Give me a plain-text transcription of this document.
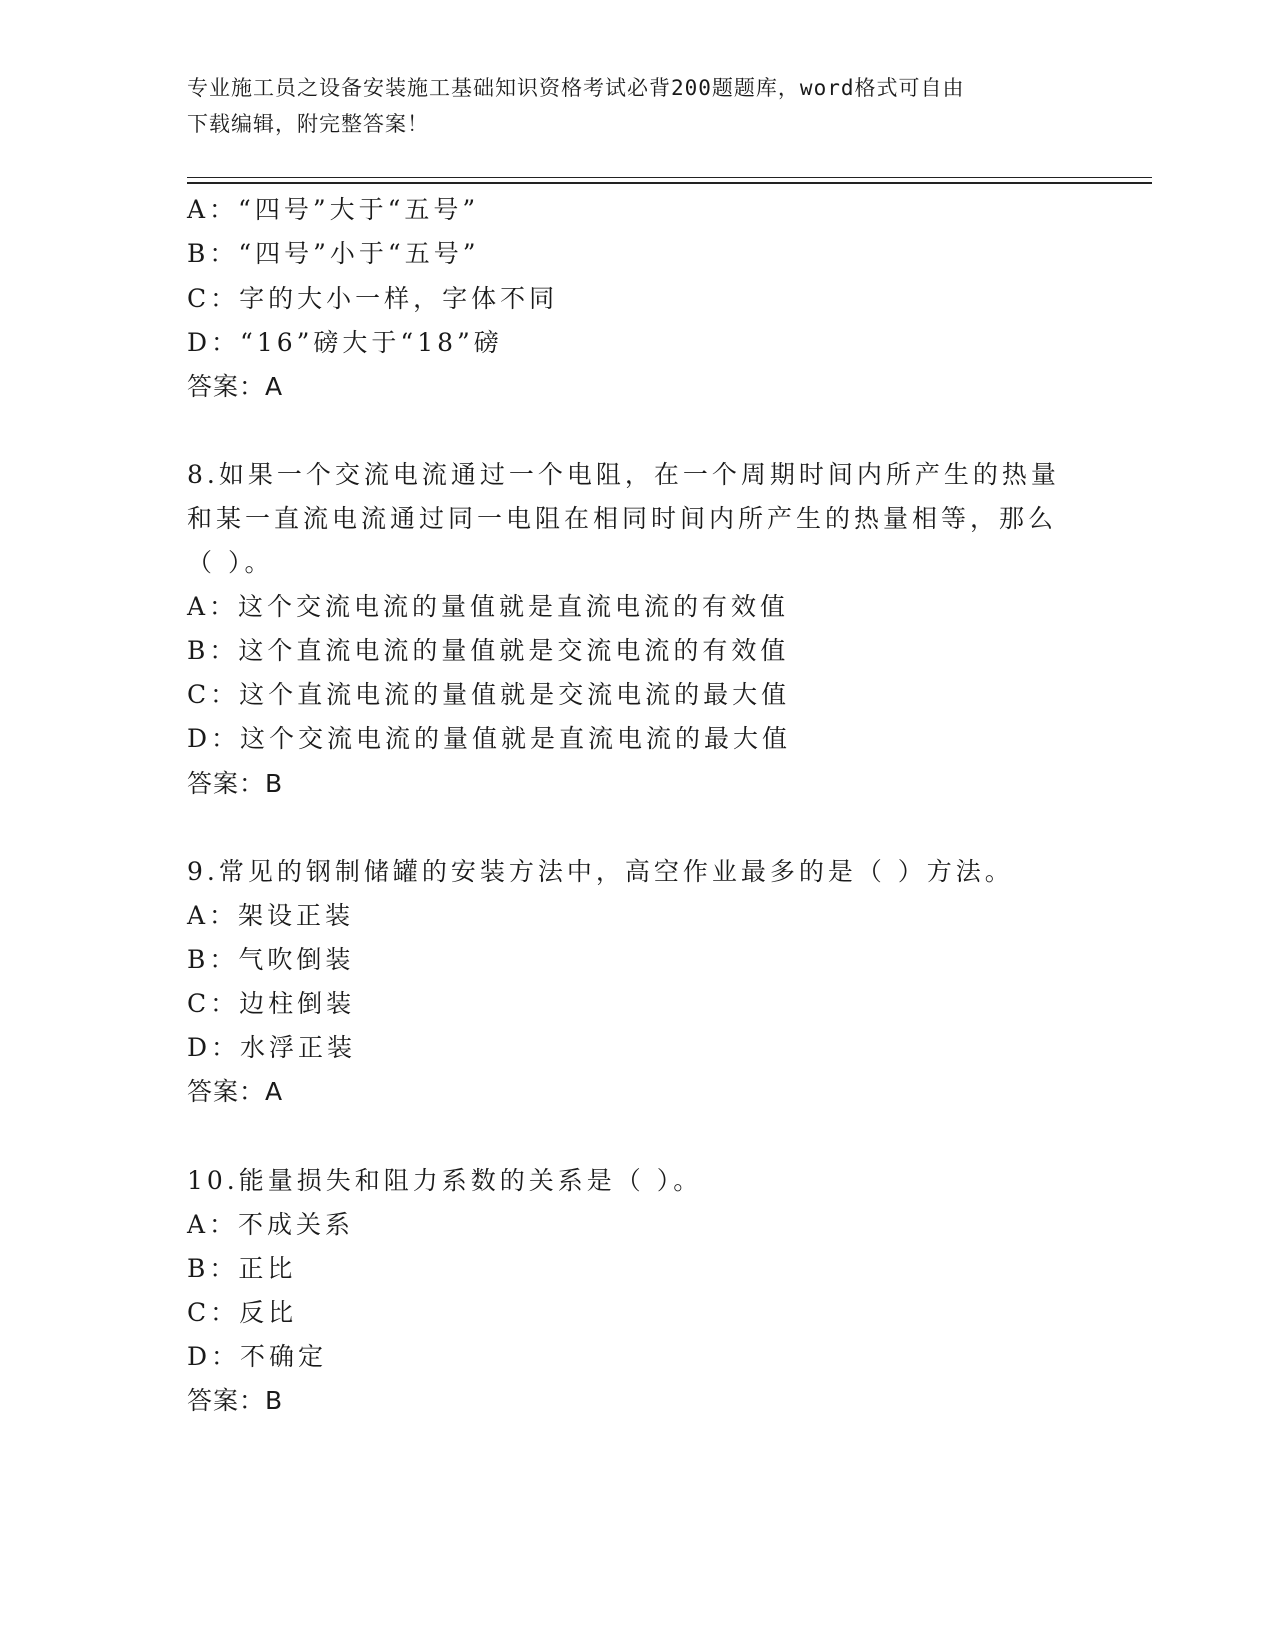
专业施工员之设备安装施工基础知识资格考试必背200题题库，word格式可自由
下载编辑，附完整答案！
A：“四号”大于“五号”
B：“四号”小于“五号”
C：字的大小一样，字体不同
D：“16”磅大于“18”磅
答案：A
8.如果一个交流电流通过一个电阻，在一个周期时间内所产生的热量
和某一直流电流通过同一电阻在相同时间内所产生的热量相等，那么
（ ）。
A：这个交流电流的量值就是直流电流的有效值
B：这个直流电流的量值就是交流电流的有效值
C：这个直流电流的量值就是交流电流的最大值
D：这个交流电流的量值就是直流电流的最大值
答案：B
9.常见的钢制储罐的安装方法中，高空作业最多的是（ ）方法。
A：架设正装
B：气吹倒装
C：边柱倒装
D：水浮正装
答案：A
10.能量损失和阻力系数的关系是（ ）。
A：不成关系
B：正比
C：反比
D：不确定
答案：B
